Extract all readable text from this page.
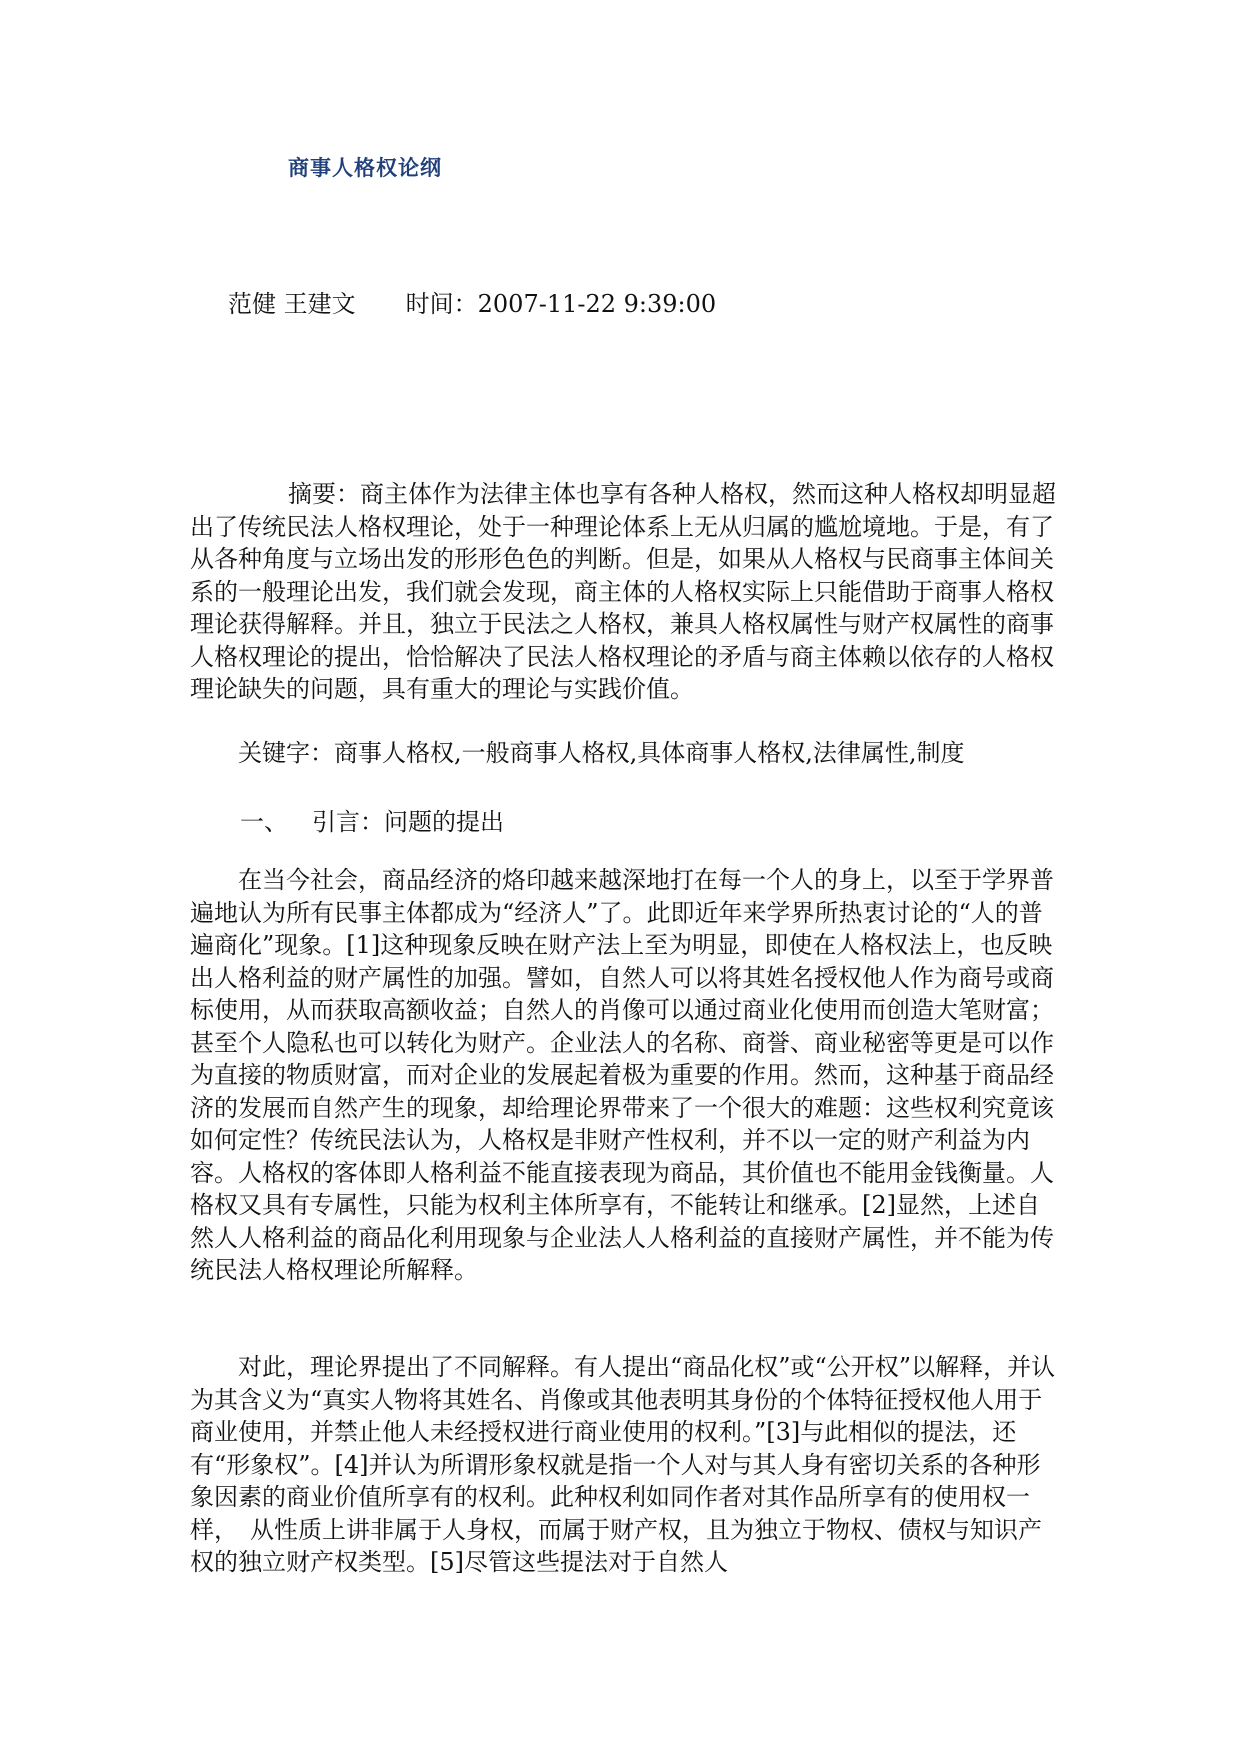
商事人格权论纲
范健 王建文 时间：2007-11-22 9:39:00

摘要：商主体作为法律主体也享有各种人格权，然而这种人格权却明显超出了传统民法人格权理论，处于一种理论体系上无从归属的尴尬境地。于是，有了从各种角度与立场出发的形形色色的判断。但是，如果从人格权与民商事主体间关系的一般理论出发，我们就会发现，商主体的人格权实际上只能借助于商事人格权理论获得解释。并且，独立于民法之人格权，兼具人格权属性与财产权属性的商事人格权理论的提出，恰恰解决了民法人格权理论的矛盾与商主体赖以依存的人格权理论缺失的问题，具有重大的理论与实践价值。

关键字：商事人格权,一般商事人格权,具体商事人格权,法律属性,制度

一、 引言：问题的提出

在当今社会，商品经济的烙印越来越深地打在每一个人的身上，以至于学界普遍地认为所有民事主体都成为“经济人”了。此即近年来学界所热衷讨论的“人的普遍商化”现象。[1]这种现象反映在财产法上至为明显，即使在人格权法上，也反映出人格利益的财产属性的加强。譬如，自然人可以将其姓名授权他人作为商号或商标使用，从而获取高额收益；自然人的肖像可以通过商业化使用而创造大笔财富；甚至个人隐私也可以转化为财产。企业法人的名称、商誉、商业秘密等更是可以作为直接的物质财富，而对企业的发展起着极为重要的作用。然而，这种基于商品经济的发展而自然产生的现象，却给理论界带来了一个很大的难题：这些权利究竟该如何定性？传统民法认为，人格权是非财产性权利，并不以一定的财产利益为内容。人格权的客体即人格利益不能直接表现为商品，其价值也不能用金钱衡量。人格权又具有专属性，只能为权利主体所享有，不能转让和继承。[2]显然，上述自然人人格利益的商品化利用现象与企业法人人格利益的直接财产属性，并不能为传统民法人格权理论所解释。

对此，理论界提出了不同解释。有人提出“商品化权”或“公开权”以解释，并认为其含义为“真实人物将其姓名、肖像或其他表明其身份的个体特征授权他人用于商业使用，并禁止他人未经授权进行商业使用的权利。”[3]与此相似的提法，还有“形象权”。[4]并认为所谓形象权就是指一个人对与其人身有密切关系的各种形象因素的商业价值所享有的权利。此种权利如同作者对其作品所享有的使用权一样，　从性质上讲非属于人身权，而属于财产权，且为独立于物权、债权与知识产权的独立财产权类型。[5]尽管这些提法对于自然人
